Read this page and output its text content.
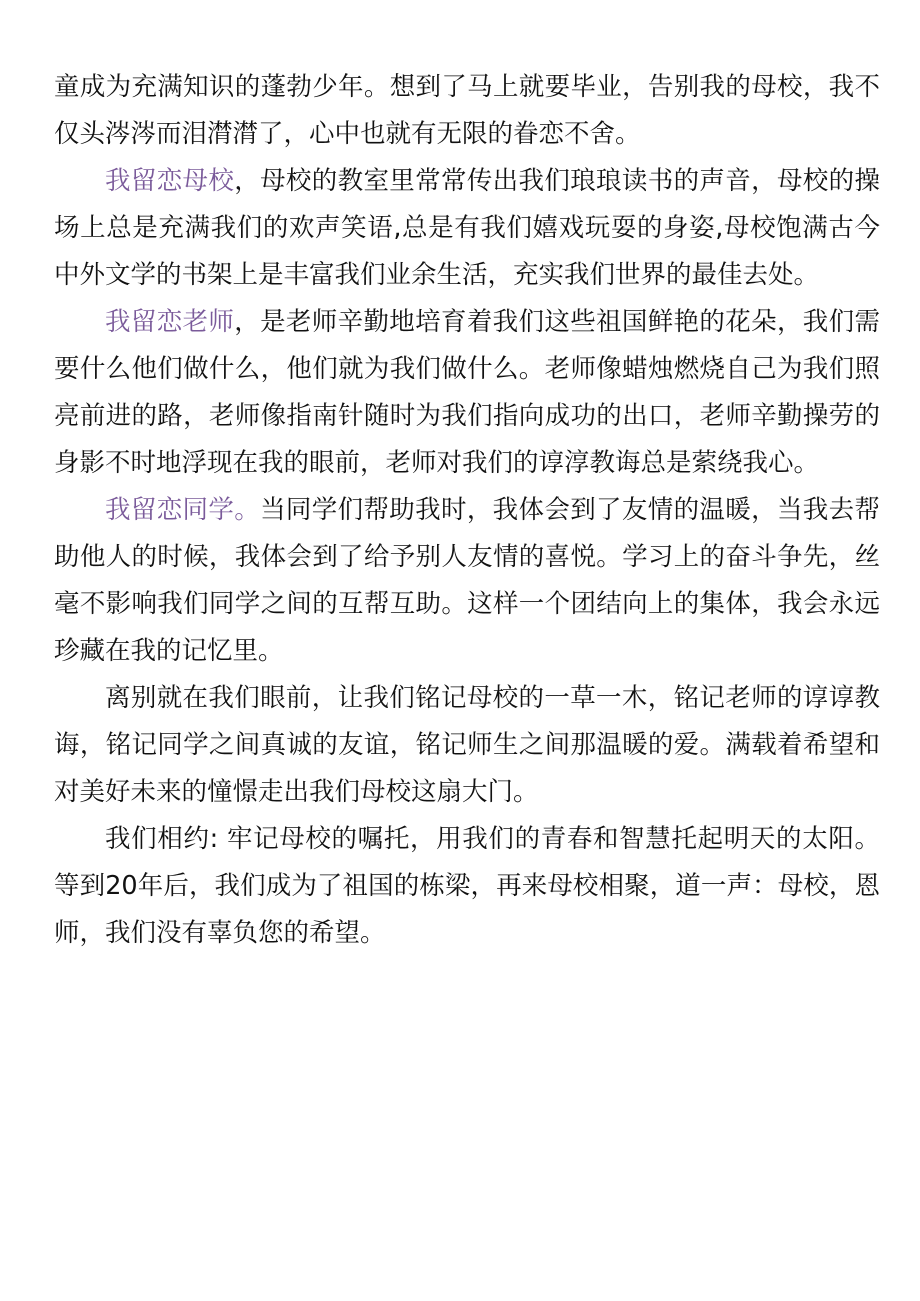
童成为充满知识的蓬勃少年。想到了马上就要毕业，告别我的母校，我不仅头涔涔而泪潸潸了，心中也就有无限的眷恋不舍。

我留恋母校，母校的教室里常常传出我们琅琅读书的声音，母校的操场上总是充满我们的欢声笑语,总是有我们嬉戏玩耍的身姿,母校饱满古今中外文学的书架上是丰富我们业余生活，充实我们世界的最佳去处。

我留恋老师，是老师辛勤地培育着我们这些祖国鲜艳的花朵，我们需要什么他们做什么，他们就为我们做什么。老师像蜡烛燃烧自己为我们照亮前进的路，老师像指南针随时为我们指向成功的出口，老师辛勤操劳的身影不时地浮现在我的眼前，老师对我们的谆淳教诲总是萦绕我心。

我留恋同学。当同学们帮助我时，我体会到了友情的温暖，当我去帮助他人的时候，我体会到了给予别人友情的喜悦。学习上的奋斗争先，丝毫不影响我们同学之间的互帮互助。这样一个团结向上的集体，我会永远珍藏在我的记忆里。

离别就在我们眼前，让我们铭记母校的一草一木，铭记老师的谆谆教诲，铭记同学之间真诚的友谊，铭记师生之间那温暖的爱。满载着希望和对美好未来的憧憬走出我们母校这扇大门。

我们相约: 牢记母校的嘱托，用我们的青春和智慧托起明天的太阳。等到20年后，我们成为了祖国的栋梁，再来母校相聚，道一声：母校，恩师，我们没有辜负您的希望。
